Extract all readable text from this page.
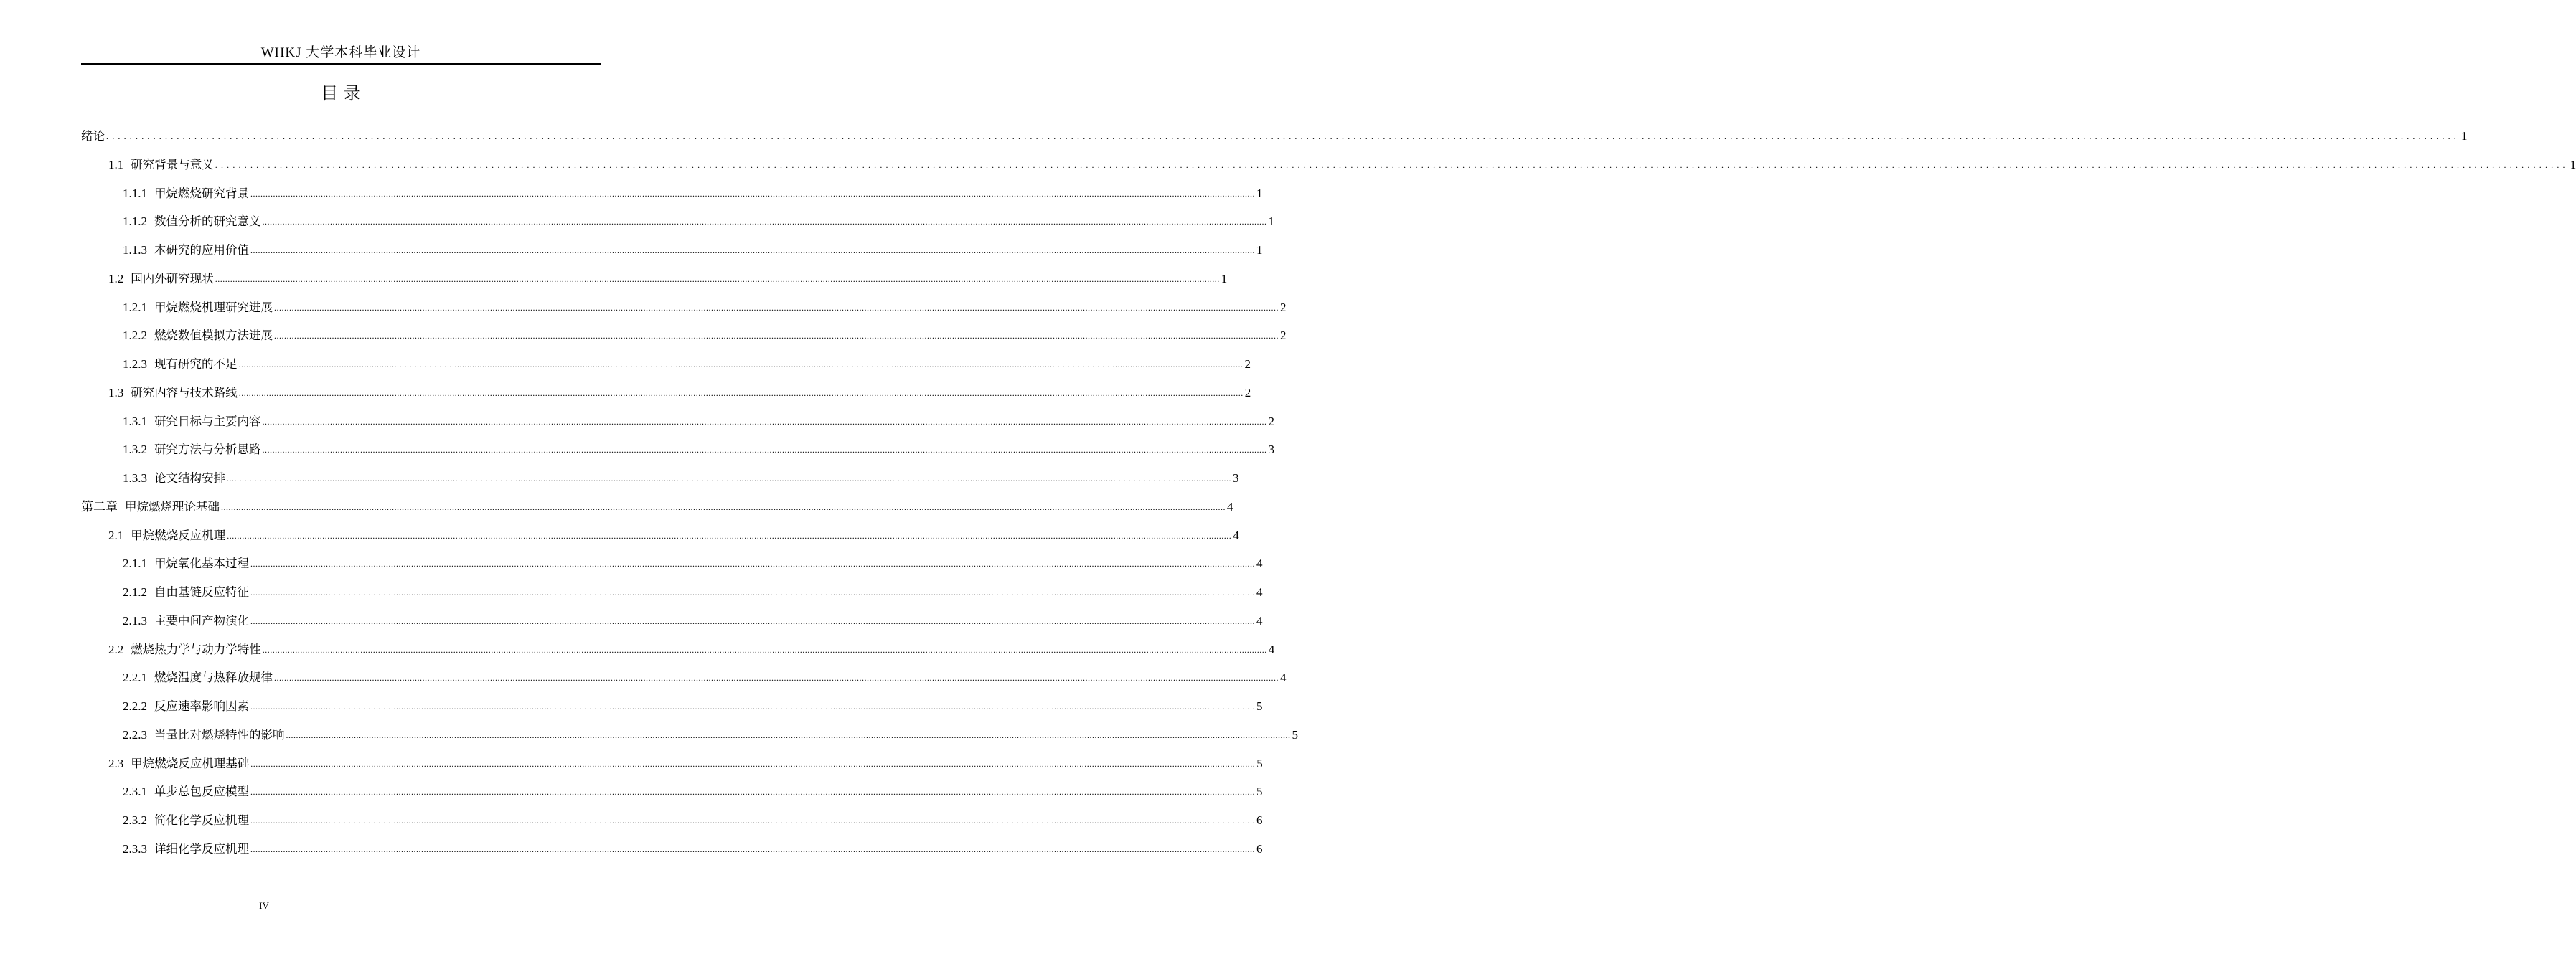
WHKJ 大学本科毕业设计
目 录
绪论 ................................................................................................................................................................................................................................................................................................................................................................................................................ 1
1.1 研究背景与意义 ................................................................................................................................................................................................................................................................................................................................................................................................................ 1
1.1.1 甲烷燃烧研究背景 ................................................................................................................................................................................................................................................................................................................................................................................................................ 1
1.1.2 数值分析的研究意义 ................................................................................................................................................................................................................................................................................................................................................................................................................ 1
1.1.3 本研究的应用价值 ................................................................................................................................................................................................................................................................................................................................................................................................................ 1
1.2 国内外研究现状 ................................................................................................................................................................................................................................................................................................................................................................................................................ 1
1.2.1 甲烷燃烧机理研究进展 ................................................................................................................................................................................................................................................................................................................................................................................................................ 2
1.2.2 燃烧数值模拟方法进展 ................................................................................................................................................................................................................................................................................................................................................................................................................ 2
1.2.3 现有研究的不足 ................................................................................................................................................................................................................................................................................................................................................................................................................ 2
1.3 研究内容与技术路线 ................................................................................................................................................................................................................................................................................................................................................................................................................ 2
1.3.1 研究目标与主要内容 ................................................................................................................................................................................................................................................................................................................................................................................................................ 2
1.3.2 研究方法与分析思路 ................................................................................................................................................................................................................................................................................................................................................................................................................ 3
1.3.3 论文结构安排 ................................................................................................................................................................................................................................................................................................................................................................................................................ 3
第二章 甲烷燃烧理论基础 ................................................................................................................................................................................................................................................................................................................................................................................................................ 4
2.1 甲烷燃烧反应机理 ................................................................................................................................................................................................................................................................................................................................................................................................................ 4
2.1.1 甲烷氧化基本过程 ................................................................................................................................................................................................................................................................................................................................................................................................................ 4
2.1.2 自由基链反应特征 ................................................................................................................................................................................................................................................................................................................................................................................................................ 4
2.1.3 主要中间产物演化 ................................................................................................................................................................................................................................................................................................................................................................................................................ 4
2.2 燃烧热力学与动力学特性 ................................................................................................................................................................................................................................................................................................................................................................................................................ 4
2.2.1 燃烧温度与热释放规律 ................................................................................................................................................................................................................................................................................................................................................................................................................ 4
2.2.2 反应速率影响因素 ................................................................................................................................................................................................................................................................................................................................................................................................................ 5
2.2.3 当量比对燃烧特性的影响 ................................................................................................................................................................................................................................................................................................................................................................................................................ 5
2.3 甲烷燃烧反应机理基础 ................................................................................................................................................................................................................................................................................................................................................................................................................ 5
2.3.1 单步总包反应模型 ................................................................................................................................................................................................................................................................................................................................................................................................................ 5
2.3.2 简化化学反应机理 ................................................................................................................................................................................................................................................................................................................................................................................................................ 6
2.3.3 详细化学反应机理 ................................................................................................................................................................................................................................................................................................................................................................................................................ 6
IV
